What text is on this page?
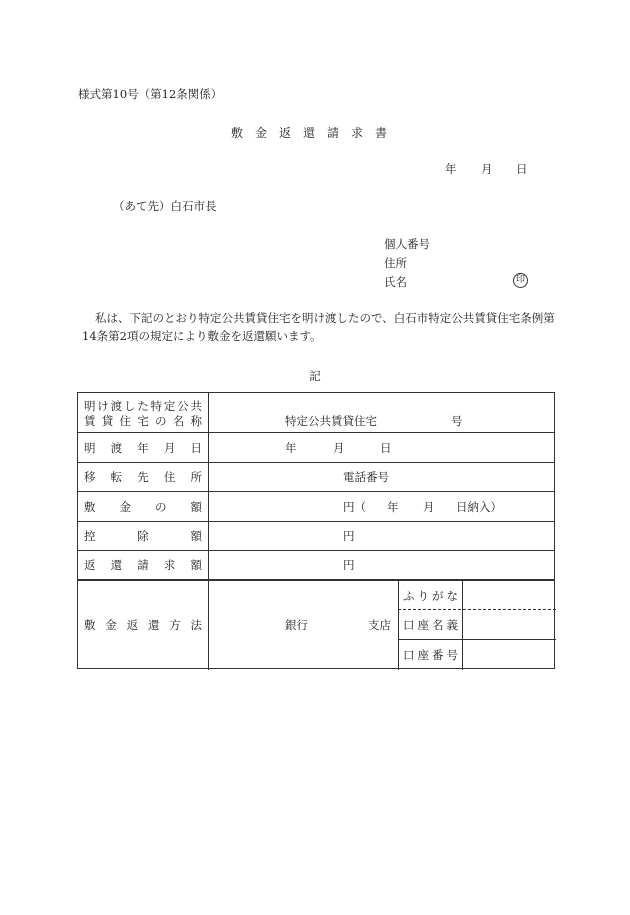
様式第10号（第12条関係）
敷金返還請求書
年 月 日
（あて先）白石市長
個人番号
住所
氏名	印
私は、下記のとおり特定公共賃貸住宅を明け渡したので、白石市特定公共賃貸住宅条例第14条第2項の規定により敷金を返還願います。
記
明け渡した特定公共
賃貸住宅の名称	特定公共賃貸住宅	号
明渡年月日	年	月	日
移転先住所	電話番号
敷金の額	円（ 年 月 日納入）
控除額	円
返還請求額	円
敷金返還方法	銀行	支店
ふりがな
口座名義
口座番号
